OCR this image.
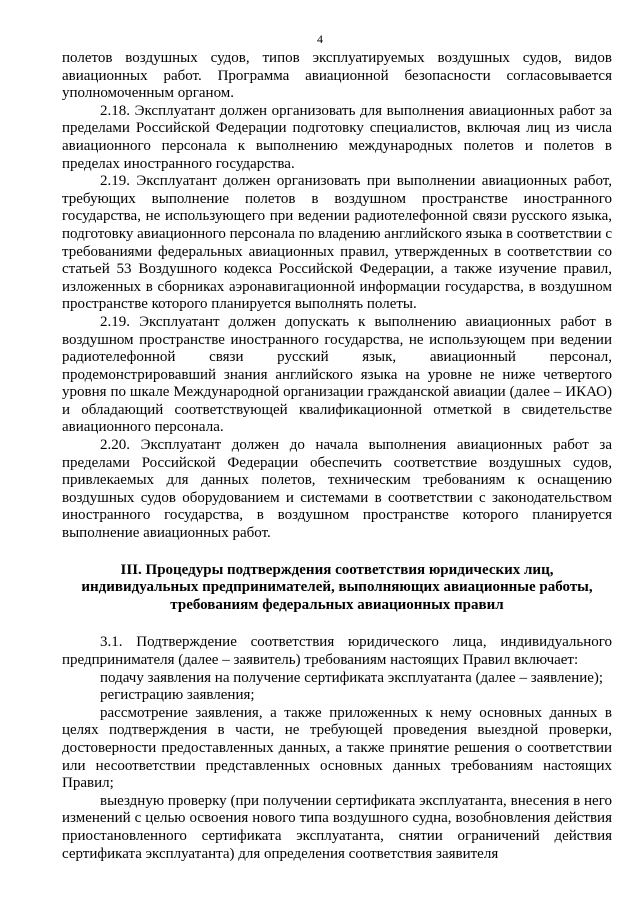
4

полетов воздушных судов, типов эксплуатируемых воздушных судов, видов авиационных работ. Программа авиационной безопасности согласовывается уполномоченным органом.

2.18. Эксплуатант должен организовать для выполнения авиационных работ за пределами Российской Федерации подготовку специалистов, включая лиц из числа авиационного персонала к выполнению международных полетов и полетов в пределах иностранного государства.

2.19. Эксплуатант должен организовать при выполнении авиационных работ, требующих выполнение полетов в воздушном пространстве иностранного государства, не использующего при ведении радиотелефонной связи русского языка, подготовку авиационного персонала по владению английского языка в соответствии с требованиями федеральных авиационных правил, утвержденных в соответствии со статьей 53 Воздушного кодекса Российской Федерации, а также изучение правил, изложенных в сборниках аэронавигационной информации государства, в воздушном пространстве которого планируется выполнять полеты.

2.19. Эксплуатант должен допускать к выполнению авиационных работ в воздушном пространстве иностранного государства, не использующем при ведении радиотелефонной связи русский язык, авиационный персонал, продемонстрировавший знания английского языка на уровне не ниже четвертого уровня по шкале Международной организации гражданской авиации (далее – ИКАО) и обладающий соответствующей квалификационной отметкой в свидетельстве авиационного персонала.

2.20. Эксплуатант должен до начала выполнения авиационных работ за пределами Российской Федерации обеспечить соответствие воздушных судов, привлекаемых для данных полетов, техническим требованиям к оснащению воздушных судов оборудованием и системами в соответствии с законодательством иностранного государства, в воздушном пространстве которого планируется выполнение авиационных работ.

III. Процедуры подтверждения соответствия юридических лиц,
индивидуальных предпринимателей, выполняющих авиационные работы,
требованиям федеральных авиационных правил

3.1. Подтверждение соответствия юридического лица, индивидуального предпринимателя (далее – заявитель) требованиям настоящих Правил включает:

подачу заявления на получение сертификата эксплуатанта (далее – заявление);

регистрацию заявления;

рассмотрение заявления, а также приложенных к нему основных данных в целях подтверждения в части, не требующей проведения выездной проверки, достоверности предоставленных данных, а также принятие решения о соответствии или несоответствии представленных основных данных требованиям настоящих Правил;

выездную проверку (при получении сертификата эксплуатанта, внесения в него изменений с целью освоения нового типа воздушного судна, возобновления действия приостановленного сертификата эксплуатанта, снятии ограничений действия сертификата эксплуатанта) для определения соответствия заявителя
